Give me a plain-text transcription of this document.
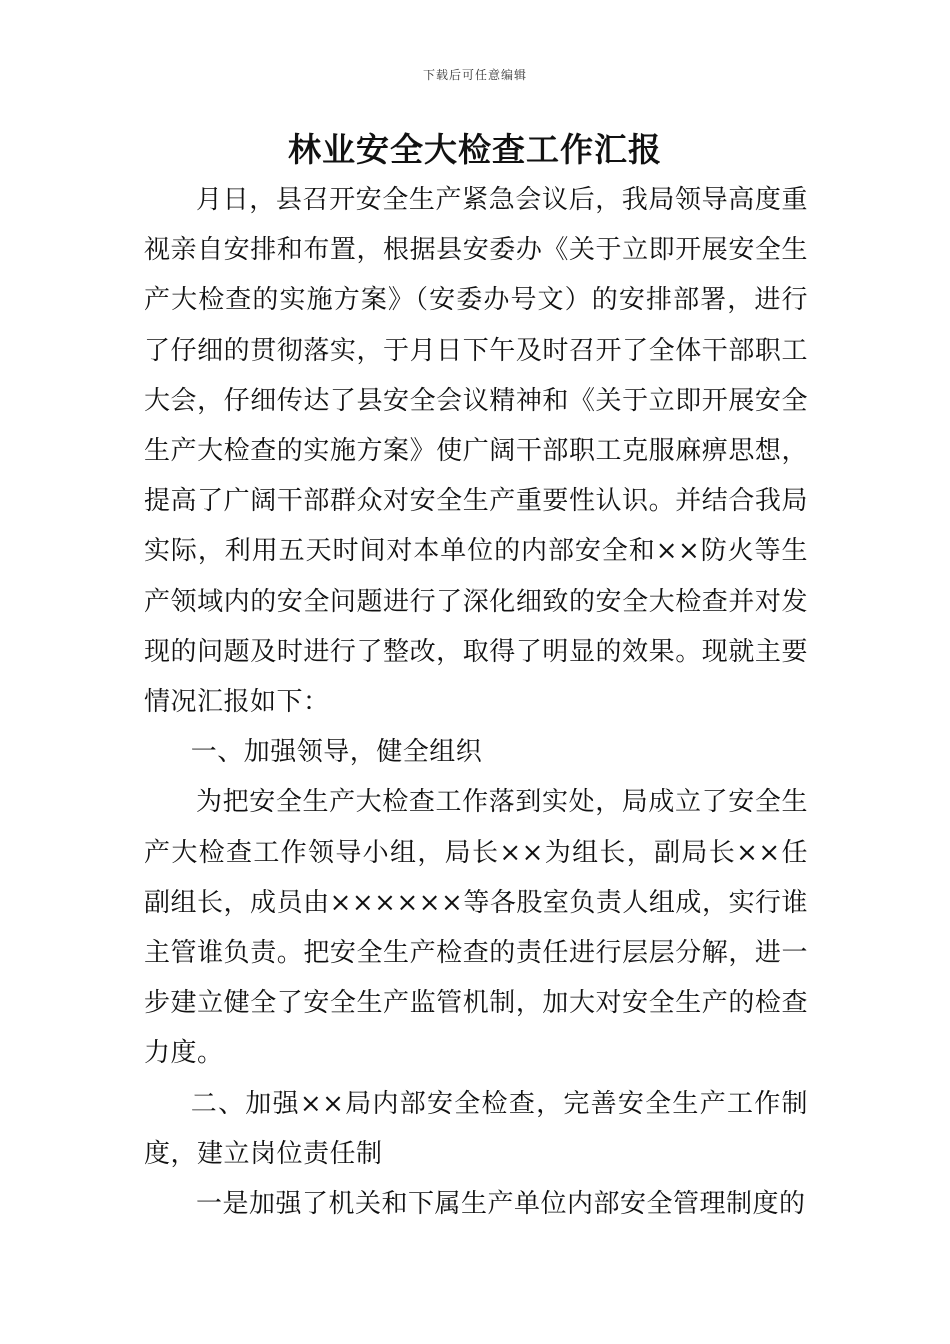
下载后可任意编辑
林业安全大检查工作汇报

月日，县召开安全生产紧急会议后，我局领导高度重视亲自安排和布置，根据县安委办《关于立即开展安全生产大检查的实施方案》（安委办号文）的安排部署，进行了仔细的贯彻落实，于月日下午及时召开了全体干部职工大会，仔细传达了县安全会议精神和《关于立即开展安全生产大检查的实施方案》使广阔干部职工克服麻痹思想，提高了广阔干部群众对安全生产重要性认识。并结合我局实际，利用五天时间对本单位的内部安全和××防火等生产领域内的安全问题进行了深化细致的安全大检查并对发现的问题及时进行了整改，取得了明显的效果。现就主要情况汇报如下：

一、加强领导，健全组织

为把安全生产大检查工作落到实处，局成立了安全生产大检查工作领导小组，局长××为组长，副局长××任副组长，成员由××××××等各股室负责人组成，实行谁主管谁负责。把安全生产检查的责任进行层层分解，进一步建立健全了安全生产监管机制，加大对安全生产的检查力度。

二、加强××局内部安全检查，完善安全生产工作制度，建立岗位责任制

一是加强了机关和下属生产单位内部安全管理制度的
